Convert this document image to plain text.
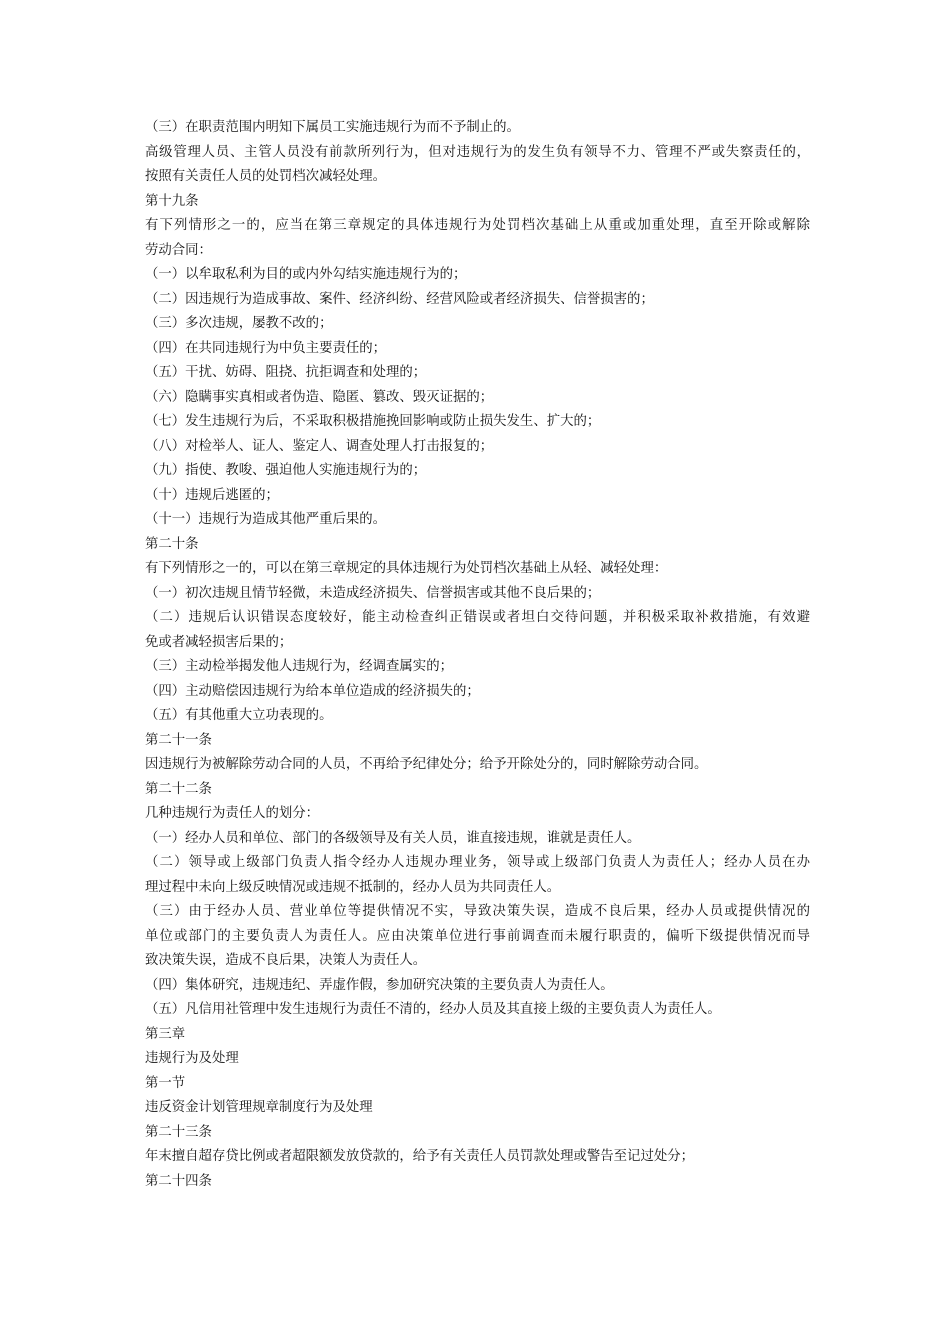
（三）在职责范围内明知下属员工实施违规行为而不予制止的。
高级管理人员、主管人员没有前款所列行为，但对违规行为的发生负有领导不力、管理不严或失察责任的，
按照有关责任人员的处罚档次减轻处理。
第十九条
有下列情形之一的，应当在第三章规定的具体违规行为处罚档次基础上从重或加重处理，直至开除或解除
劳动合同：
（一）以牟取私利为目的或内外勾结实施违规行为的；
（二）因违规行为造成事故、案件、经济纠纷、经营风险或者经济损失、信誉损害的；
（三）多次违规，屡教不改的；
（四）在共同违规行为中负主要责任的；
（五）干扰、妨碍、阻挠、抗拒调查和处理的；
（六）隐瞒事实真相或者伪造、隐匿、篡改、毁灭证据的；
（七）发生违规行为后，不采取积极措施挽回影响或防止损失发生、扩大的；
（八）对检举人、证人、鉴定人、调查处理人打击报复的；
（九）指使、教唆、强迫他人实施违规行为的；
（十）违规后逃匿的；
（十一）违规行为造成其他严重后果的。
第二十条
有下列情形之一的，可以在第三章规定的具体违规行为处罚档次基础上从轻、减轻处理：
（一）初次违规且情节轻微，未造成经济损失、信誉损害或其他不良后果的；
（二）违规后认识错误态度较好，能主动检查纠正错误或者坦白交待问题，并积极采取补救措施，有效避
免或者减轻损害后果的；
（三）主动检举揭发他人违规行为，经调查属实的；
（四）主动赔偿因违规行为给本单位造成的经济损失的；
（五）有其他重大立功表现的。
第二十一条
因违规行为被解除劳动合同的人员，不再给予纪律处分；给予开除处分的，同时解除劳动合同。
第二十二条
几种违规行为责任人的划分：
（一）经办人员和单位、部门的各级领导及有关人员，谁直接违规，谁就是责任人。
（二）领导或上级部门负责人指令经办人违规办理业务，领导或上级部门负责人为责任人；经办人员在办
理过程中未向上级反映情况或违规不抵制的，经办人员为共同责任人。
（三）由于经办人员、营业单位等提供情况不实，导致决策失误，造成不良后果，经办人员或提供情况的
单位或部门的主要负责人为责任人。应由决策单位进行事前调查而未履行职责的，偏听下级提供情况而导
致决策失误，造成不良后果，决策人为责任人。
（四）集体研究，违规违纪、弄虚作假，参加研究决策的主要负责人为责任人。
（五）凡信用社管理中发生违规行为责任不清的，经办人员及其直接上级的主要负责人为责任人。
第三章
违规行为及处理
第一节
违反资金计划管理规章制度行为及处理
第二十三条
年末擅自超存贷比例或者超限额发放贷款的，给予有关责任人员罚款处理或警告至记过处分；
第二十四条
